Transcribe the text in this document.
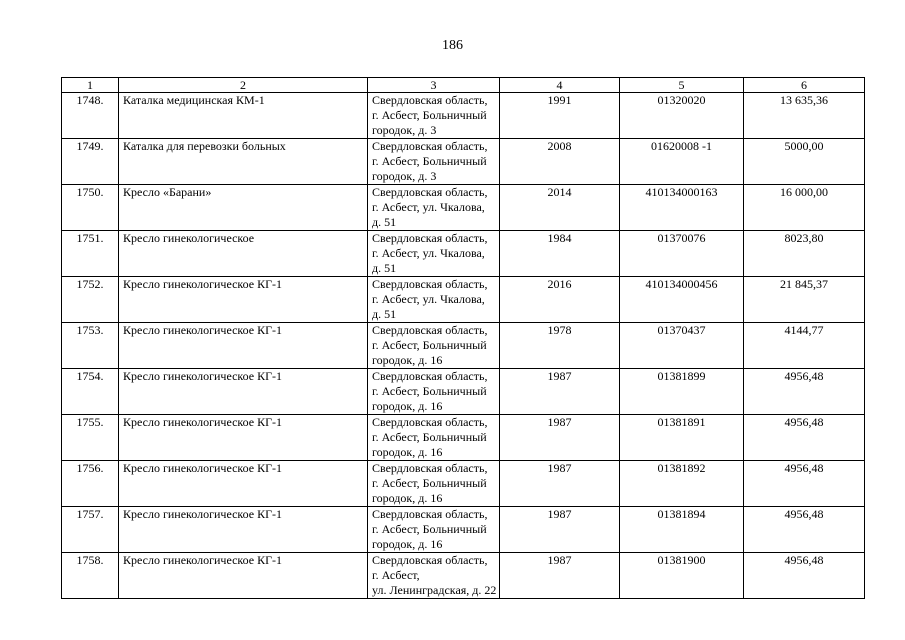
186
1	2	3	4	5	6
1748.	Каталка медицинская КМ-1	Свердловская область,
г. Асбест, Больничный
городок, д. 3	1991	01320020	13 635,36
1749.	Каталка для перевозки больных	Свердловская область,
г. Асбест, Больничный
городок, д. 3	2008	01620008 -1	5000,00
1750.	Кресло «Барани»	Свердловская область,
г. Асбест, ул. Чкалова,
д. 51	2014	410134000163	16 000,00
1751.	Кресло гинекологическое	Свердловская область,
г. Асбест, ул. Чкалова,
д. 51	1984	01370076	8023,80
1752.	Кресло гинекологическое КГ-1	Свердловская область,
г. Асбест, ул. Чкалова,
д. 51	2016	410134000456	21 845,37
1753.	Кресло гинекологическое КГ-1	Свердловская область,
г. Асбест, Больничный
городок, д. 16	1978	01370437	4144,77
1754.	Кресло гинекологическое КГ-1	Свердловская область,
г. Асбест, Больничный
городок, д. 16	1987	01381899	4956,48
1755.	Кресло гинекологическое КГ-1	Свердловская область,
г. Асбест, Больничный
городок, д. 16	1987	01381891	4956,48
1756.	Кресло гинекологическое КГ-1	Свердловская область,
г. Асбест, Больничный
городок, д. 16	1987	01381892	4956,48
1757.	Кресло гинекологическое КГ-1	Свердловская область,
г. Асбест, Больничный
городок, д. 16	1987	01381894	4956,48
1758.	Кресло гинекологическое КГ-1	Свердловская область,
г. Асбест,
ул. Ленинградская, д. 22	1987	01381900	4956,48
